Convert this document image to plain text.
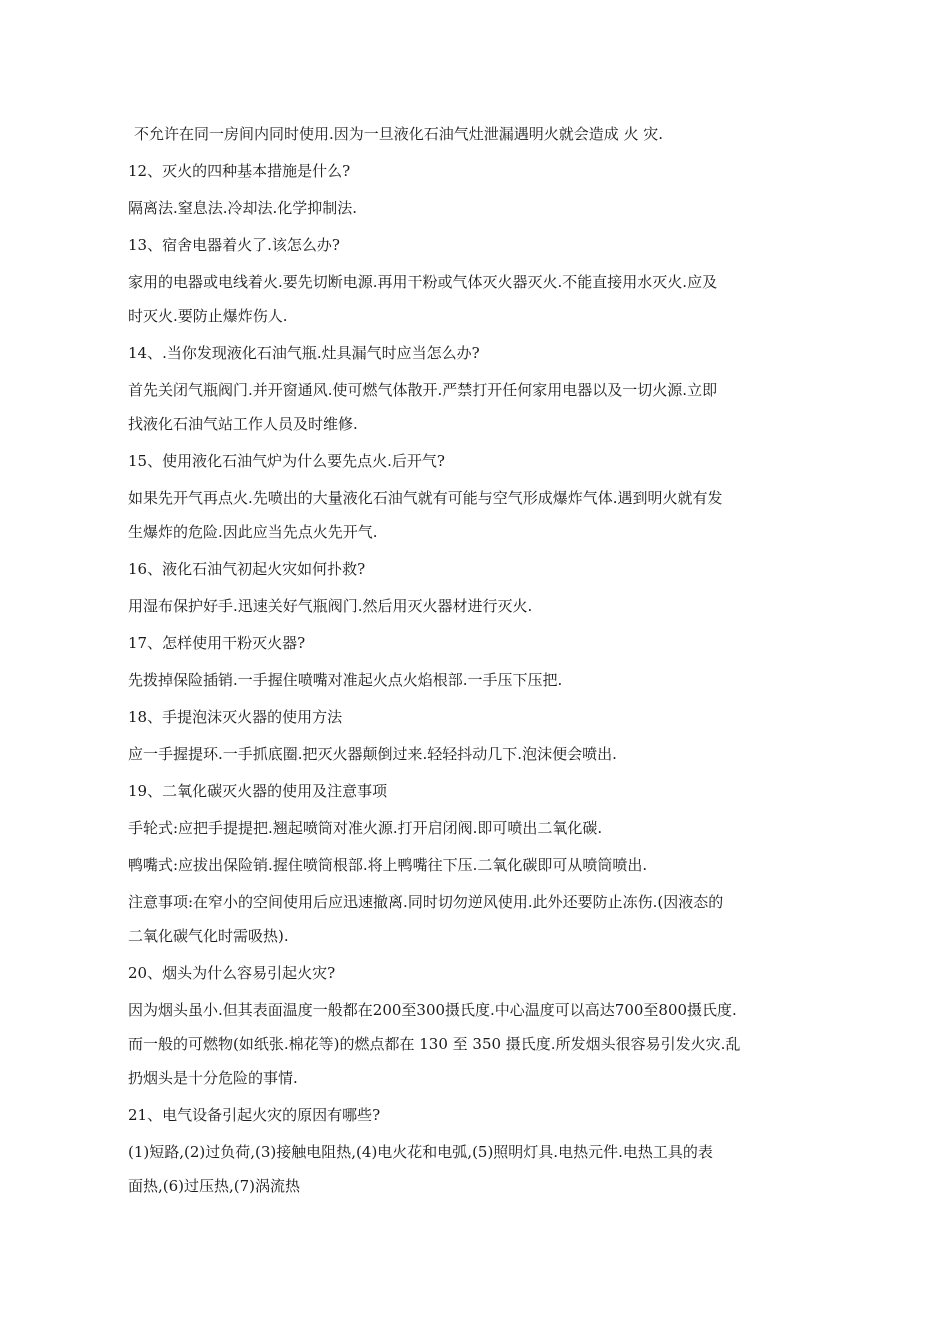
不允许在同一房间内同时使用.因为一旦液化石油气灶泄漏遇明火就会造成 火 灾.
12、灭火的四种基本措施是什么?
隔离法.窒息法.冷却法.化学抑制法.
13、宿舍电器着火了.该怎么办?
家用的电器或电线着火.要先切断电源.再用干粉或气体灭火器灭火.不能直接用水灭火.应及
时灭火.要防止爆炸伤人.
14、.当你发现液化石油气瓶.灶具漏气时应当怎么办?
首先关闭气瓶阀门.并开窗通风.使可燃气体散开.严禁打开任何家用电器以及一切火源.立即
找液化石油气站工作人员及时维修.
15、使用液化石油气炉为什么要先点火.后开气?
如果先开气再点火.先喷出的大量液化石油气就有可能与空气形成爆炸气体.遇到明火就有发
生爆炸的危险.因此应当先点火先开气.
16、液化石油气初起火灾如何扑救?
用湿布保护好手.迅速关好气瓶阀门.然后用灭火器材进行灭火.
17、怎样使用干粉灭火器?
先拨掉保险插销.一手握住喷嘴对准起火点火焰根部.一手压下压把.
18、手提泡沫灭火器的使用方法
应一手握提环.一手抓底圈.把灭火器颠倒过来.轻轻抖动几下.泡沫便会喷出.
19、二氧化碳灭火器的使用及注意事项
手轮式:应把手提提把.翘起喷筒对准火源.打开启闭阀.即可喷出二氧化碳.
鸭嘴式:应拔出保险销.握住喷筒根部.将上鸭嘴往下压.二氧化碳即可从喷筒喷出.
注意事项:在窄小的空间使用后应迅速撤离.同时切勿逆风使用.此外还要防止冻伤.(因液态的
二氧化碳气化时需吸热).
20、烟头为什么容易引起火灾?
因为烟头虽小.但其表面温度一般都在200至300摄氏度.中心温度可以高达700至800摄氏度.
而一般的可燃物(如纸张.棉花等)的燃点都在 130 至 350 摄氏度.所发烟头很容易引发火灾.乱
扔烟头是十分危险的事情.
21、电气设备引起火灾的原因有哪些?
(1)短路,(2)过负荷,(3)接触电阻热,(4)电火花和电弧,(5)照明灯具.电热元件.电热工具的表
面热,(6)过压热,(7)涡流热
